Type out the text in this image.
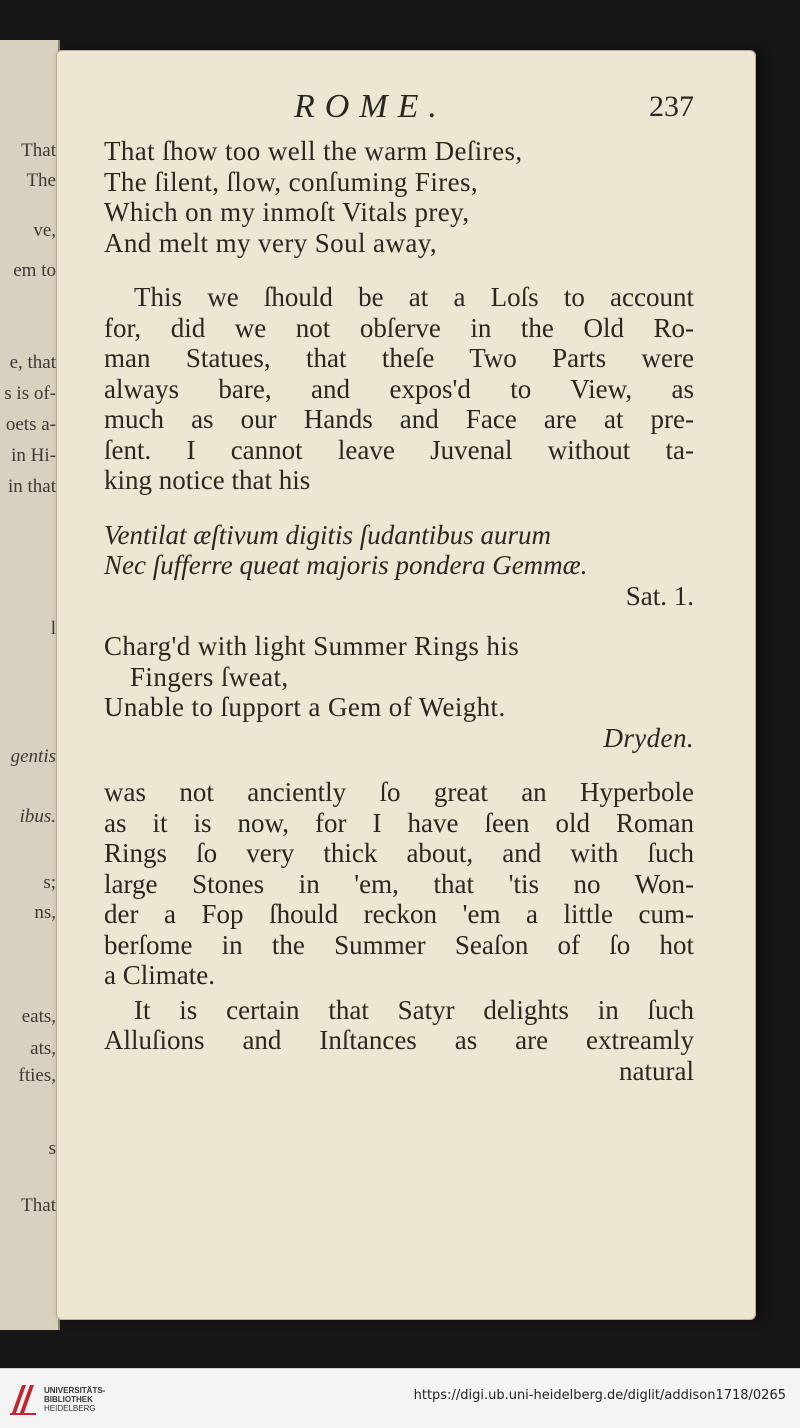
That
The
ve,
em to
e, that
s is of-
oets a-
in Hi-
in that
l
gentis
ibus.
s;
ns,
eats,
ats,
fties,
s
That
ROME.	237
That ſhow too well the warm Deſires,
The ſilent, ſlow, conſuming Fires,
Which on my inmoſt Vitals prey,
And melt my very Soul away,
This we ſhould be at a Loſs to account
for, did we not obſerve in the Old Ro-
man Statues, that theſe Two Parts were
always bare, and expos'd to View, as
much as our Hands and Face are at pre-
ſent. I cannot leave Juvenal without ta-
king notice that his
Ventilat æſtivum digitis ſudantibus aurum
Nec ſufferre queat majoris pondera Gemmæ.
Sat. 1.
Charg'd with light Summer Rings his
Fingers ſweat,
Unable to ſupport a Gem of Weight.
Dryden.
was not anciently ſo great an Hyperbole
as it is now, for I have ſeen old Roman
Rings ſo very thick about, and with ſuch
large Stones in 'em, that 'tis no Won-
der a Fop ſhould reckon 'em a little cum-
berſome in the Summer Seaſon of ſo hot
a Climate.
It is certain that Satyr delights in ſuch
Alluſions and Inſtances as are extreamly
natural
UNIVERSITÄTS-
BIBLIOTHEK
HEIDELBERG
https://digi.ub.uni-heidelberg.de/diglit/addison1718/0265
